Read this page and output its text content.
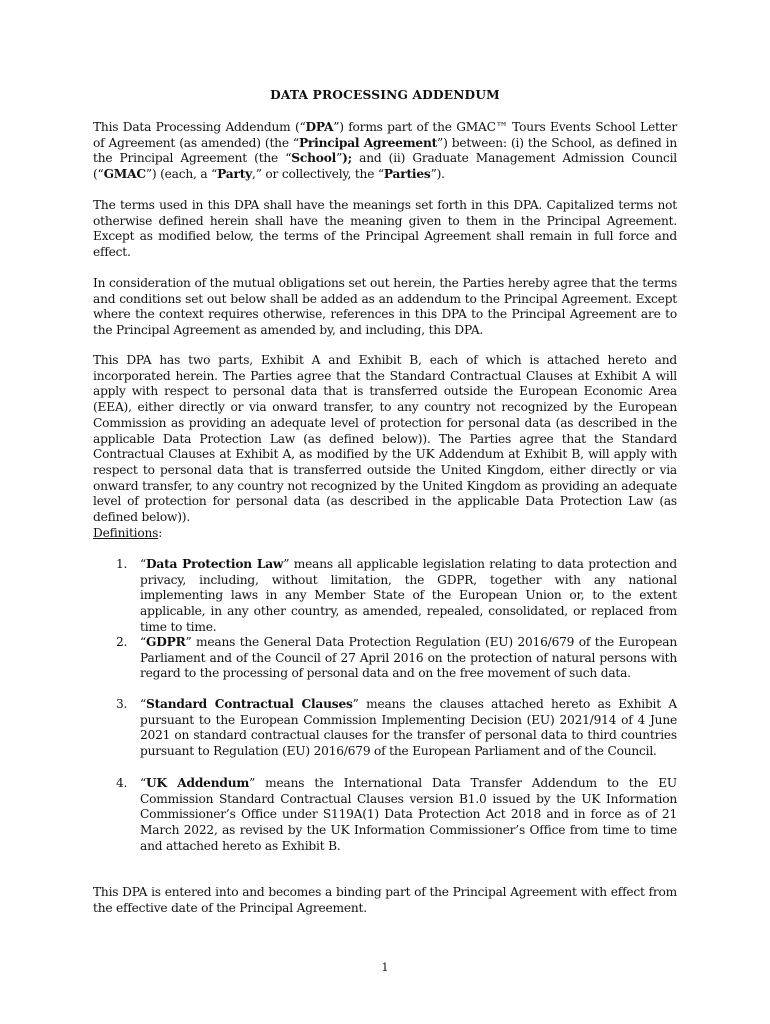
DATA PROCESSING ADDENDUM

This Data Processing Addendum (“DPA”) forms part of the GMAC™ Tours Events School Letter of Agreement (as amended) (the “Principal Agreement”) between: (i) the School, as defined in the Principal Agreement (the “School”); and (ii) Graduate Management Admission Council (“GMAC”) (each, a “Party,” or collectively, the “Parties”).

The terms used in this DPA shall have the meanings set forth in this DPA. Capitalized terms not otherwise defined herein shall have the meaning given to them in the Principal Agreement. Except as modified below, the terms of the Principal Agreement shall remain in full force and effect.

In consideration of the mutual obligations set out herein, the Parties hereby agree that the terms and conditions set out below shall be added as an addendum to the Principal Agreement. Except where the context requires otherwise, references in this DPA to the Principal Agreement are to the Principal Agreement as amended by, and including, this DPA.

This DPA has two parts, Exhibit A and Exhibit B, each of which is attached hereto and incorporated herein. The Parties agree that the Standard Contractual Clauses at Exhibit A will apply with respect to personal data that is transferred outside the European Economic Area (EEA), either directly or via onward transfer, to any country not recognized by the European Commission as providing an adequate level of protection for personal data (as described in the applicable Data Protection Law (as defined below)). The Parties agree that the Standard Contractual Clauses at Exhibit A, as modified by the UK Addendum at Exhibit B, will apply with respect to personal data that is transferred outside the United Kingdom, either directly or via onward transfer, to any country not recognized by the United Kingdom as providing an adequate level of protection for personal data (as described in the applicable Data Protection Law (as defined below)).

Definitions:
1. “Data Protection Law” means all applicable legislation relating to data protection and privacy, including, without limitation, the GDPR, together with any national implementing laws in any Member State of the European Union or, to the extent applicable, in any other country, as amended, repealed, consolidated, or replaced from time to time.
2. “GDPR” means the General Data Protection Regulation (EU) 2016/679 of the European Parliament and of the Council of 27 April 2016 on the protection of natural persons with regard to the processing of personal data and on the free movement of such data.
3. “Standard Contractual Clauses” means the clauses attached hereto as Exhibit A pursuant to the European Commission Implementing Decision (EU) 2021/914 of 4 June 2021 on standard contractual clauses for the transfer of personal data to third countries pursuant to Regulation (EU) 2016/679 of the European Parliament and of the Council.
4. “UK Addendum” means the International Data Transfer Addendum to the EU Commission Standard Contractual Clauses version B1.0 issued by the UK Information Commissioner’s Office under S119A(1) Data Protection Act 2018 and in force as of 21 March 2022, as revised by the UK Information Commissioner’s Office from time to time and attached hereto as Exhibit B.

This DPA is entered into and becomes a binding part of the Principal Agreement with effect from the effective date of the Principal Agreement.

1
